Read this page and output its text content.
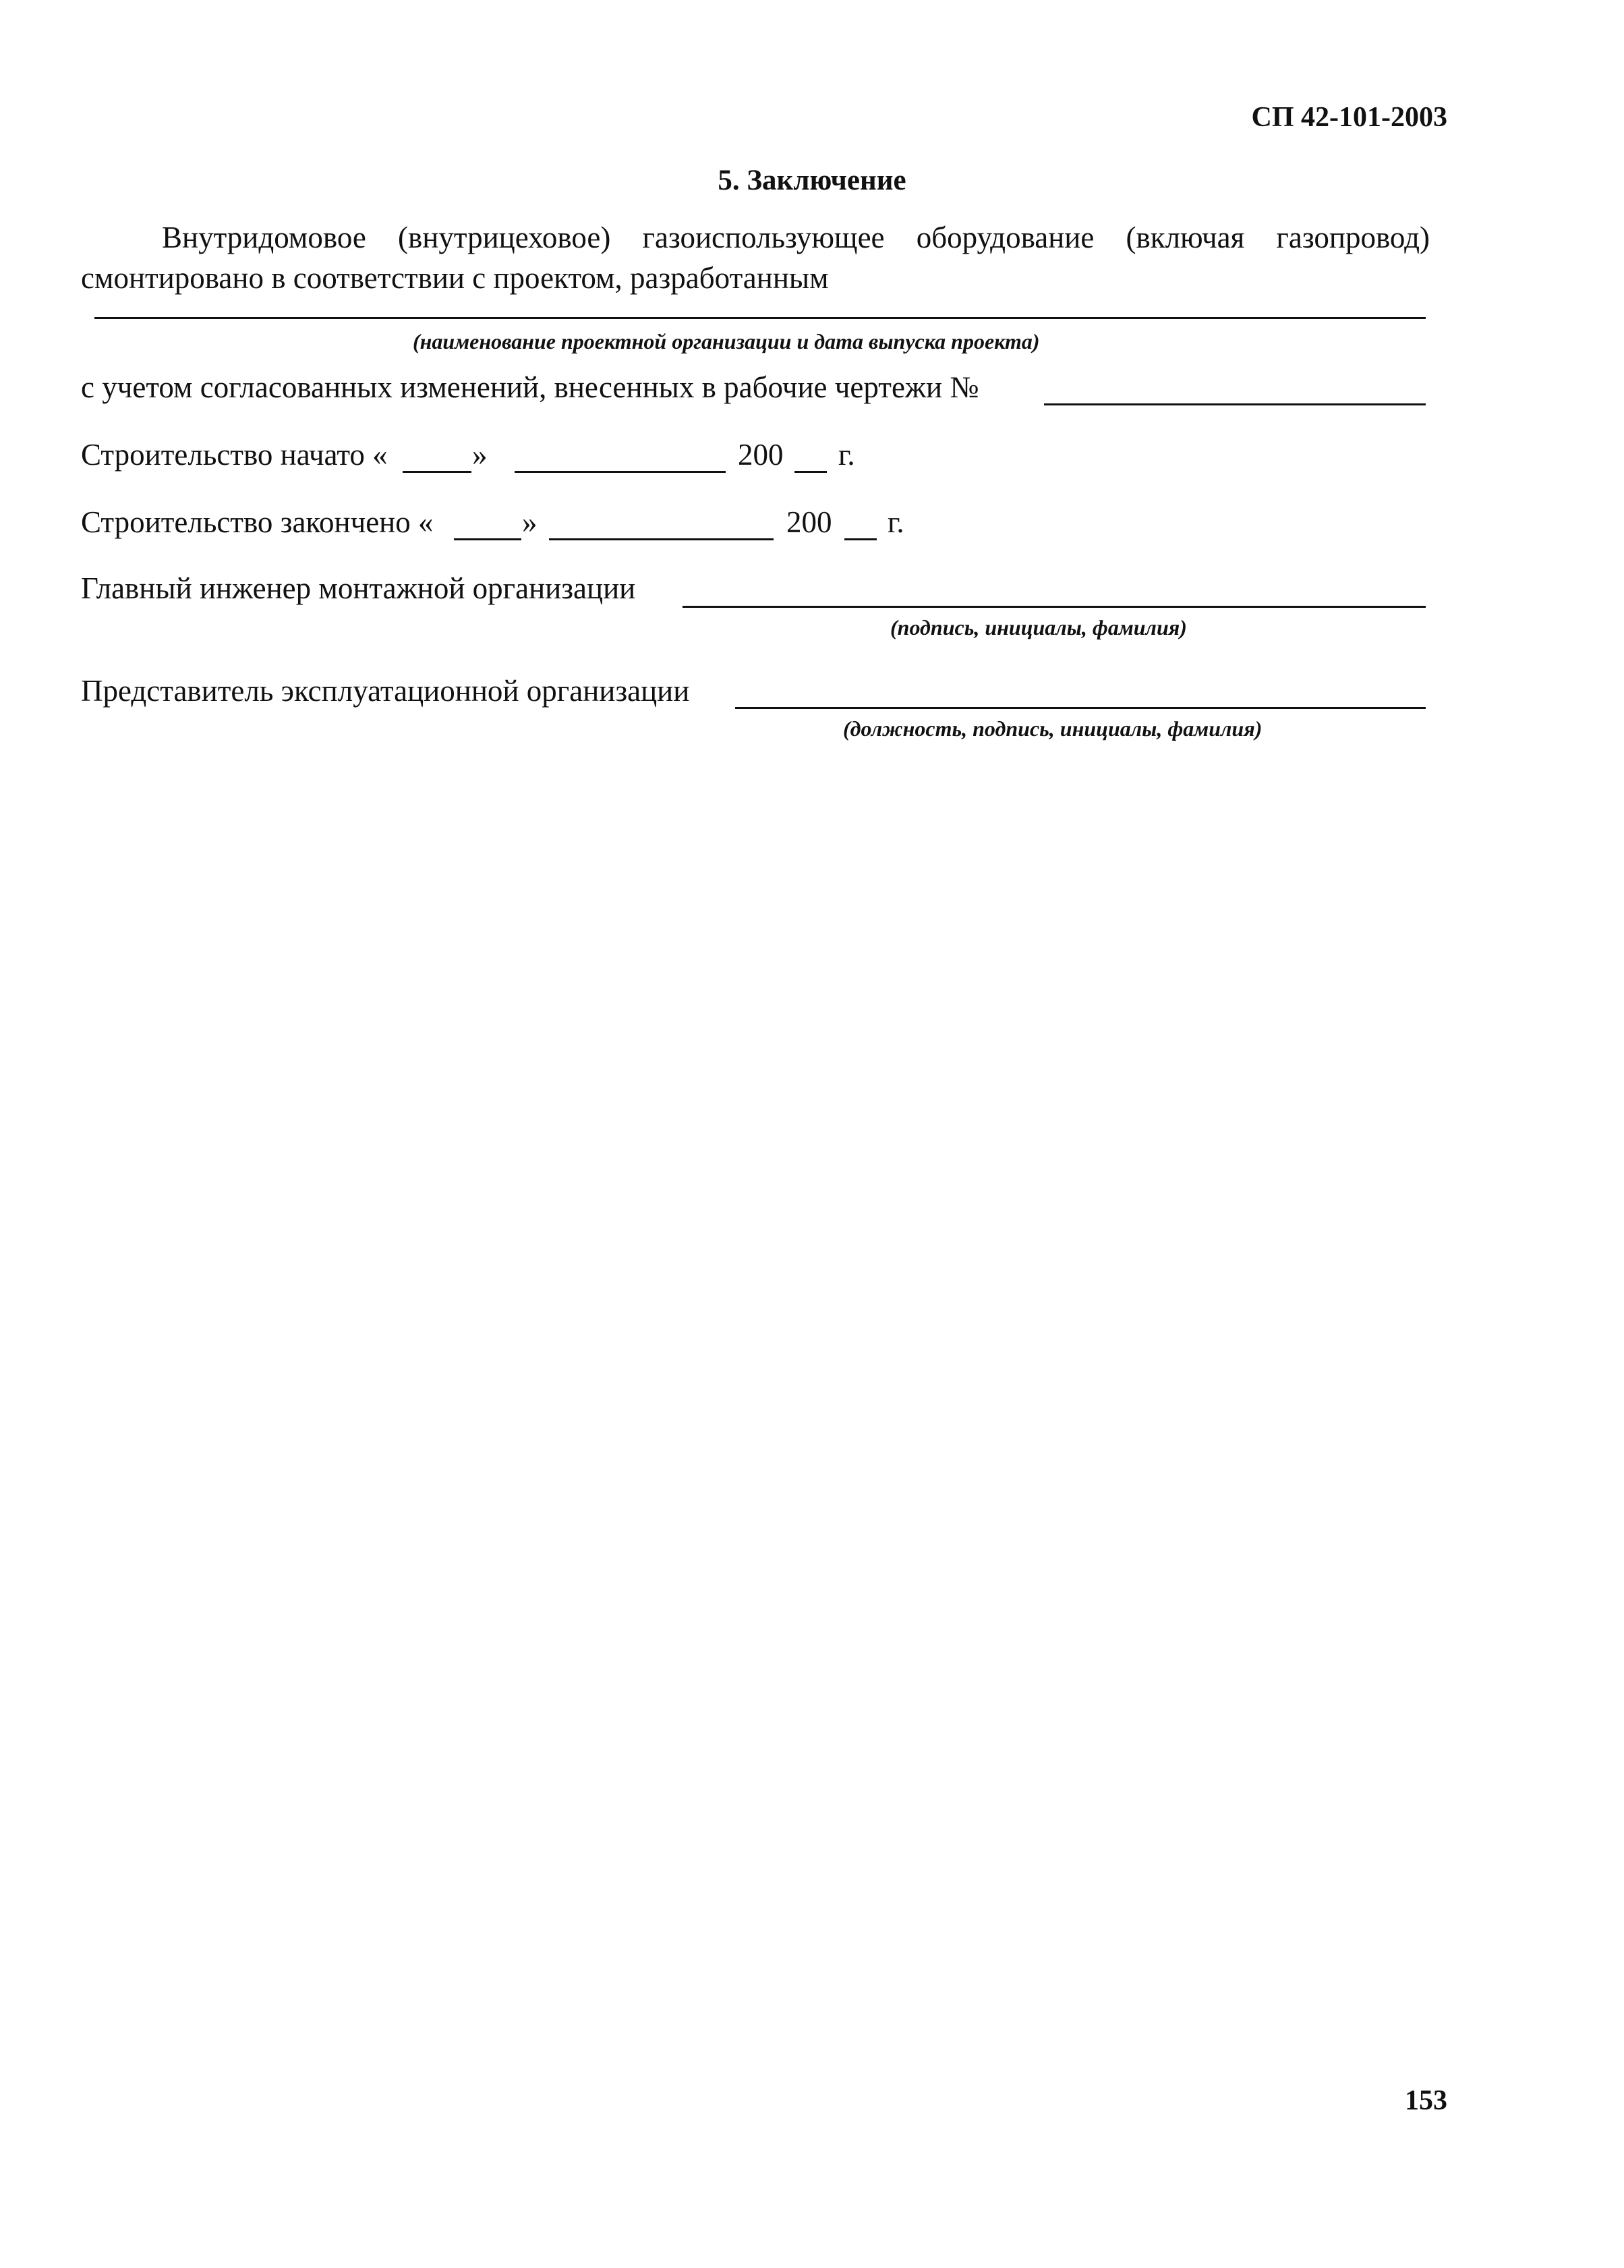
СП 42-101-2003
5. Заключение
Внутридомовое (внутрицеховое) газоиспользующее оборудование (включая газопровод) смонтировано в соответствии с проектом, разработанным
(наименование проектной организации и дата выпуска проекта)
с учетом согласованных изменений, внесенных в рабочие чертежи №
Строительство начато «	»	200 г.
Строительство закончено «	»	200 г.
Главный инженер монтажной организации
(подпись, инициалы, фамилия)
Представитель эксплуатационной организации
(должность, подпись, инициалы, фамилия)
153
